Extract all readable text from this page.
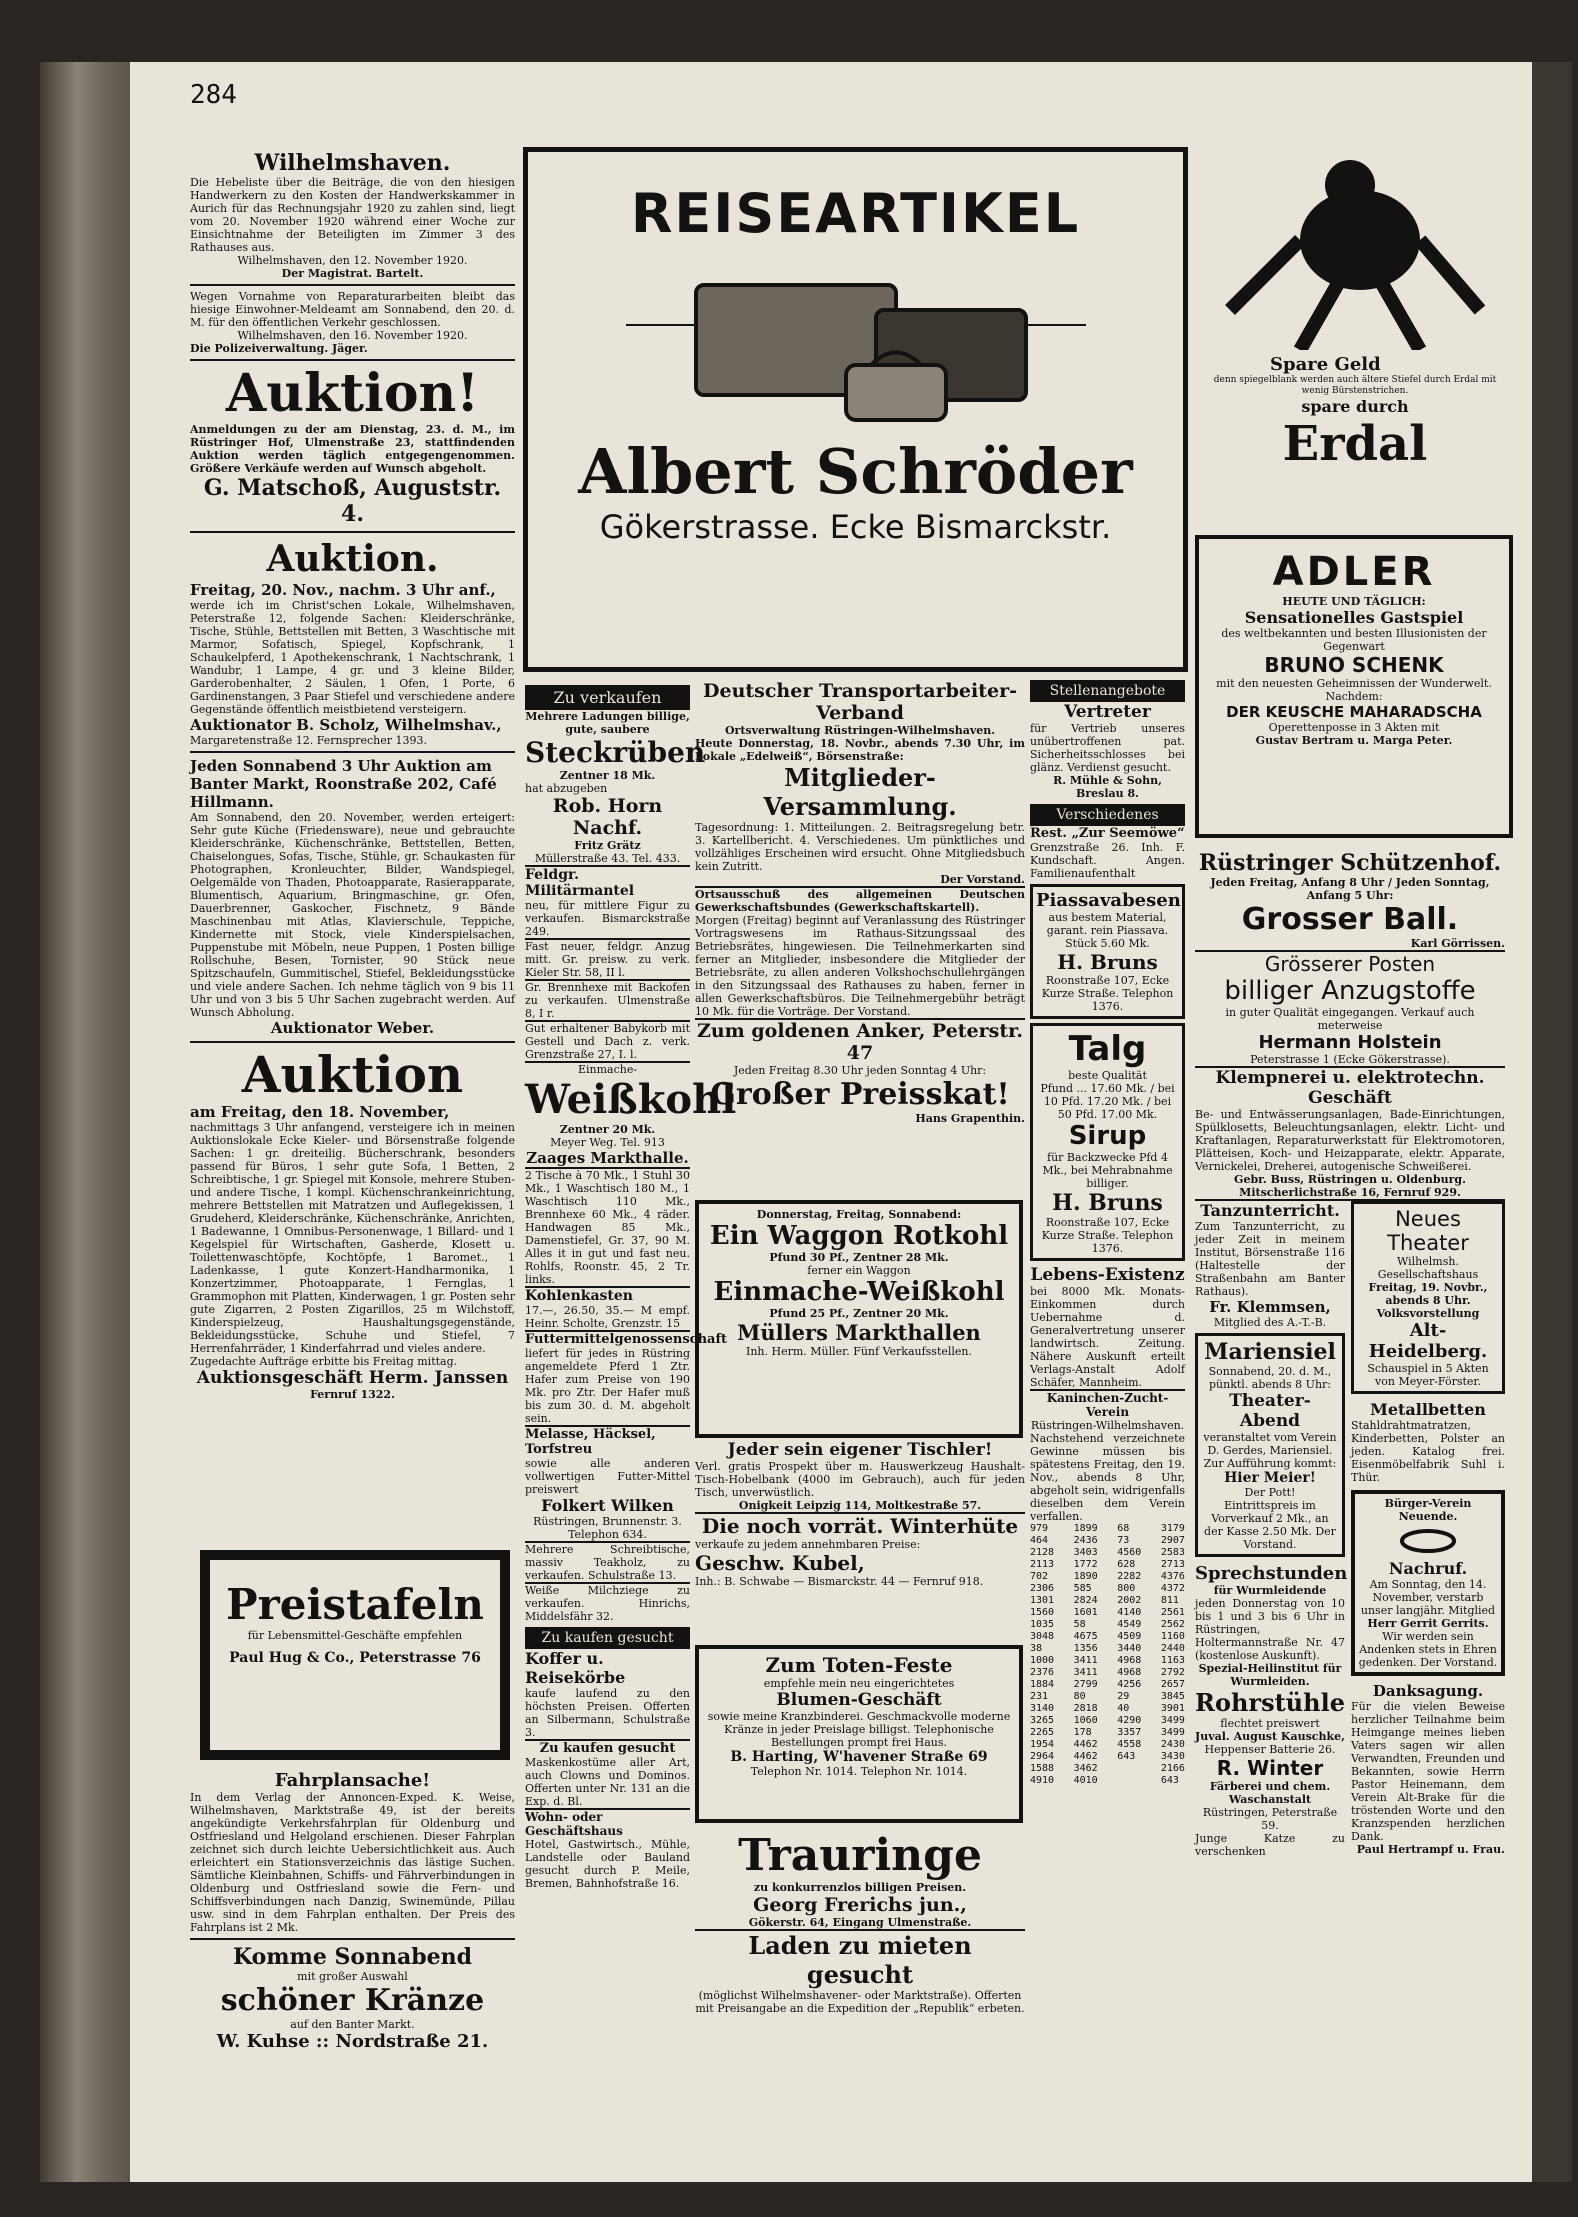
284
Wilhelmshaven.
Die Hebeliste über die Beiträge, die von den hiesigen Handwerkern zu den Kosten der Handwerkskammer in Aurich für das Rechnungsjahr 1920 zu zahlen sind, liegt vom 20. November 1920 während einer Woche zur Einsichtnahme der Beteiligten im Zimmer 3 des Rathauses aus.
Wilhelmshaven, den 12. November 1920.
Der Magistrat. Bartelt.
Wegen Vornahme von Reparaturarbeiten bleibt das hiesige Einwohner-Meldeamt am Sonnabend, den 20. d. M. für den öffentlichen Verkehr geschlossen.
Wilhelmshaven, den 16. November 1920.
Die Polizeiverwaltung. Jäger.
Auktion!
Anmeldungen zu der am Dienstag, 23. d. M., im Rüstringer Hof, Ulmenstraße 23, stattfindenden Auktion werden täglich entgegengenommen. Größere Verkäufe werden auf Wunsch abgeholt.
G. Matschoß, Auguststr. 4.
Auktion.
Freitag, 20. Nov., nachm. 3 Uhr anf.,
werde ich im Christ'schen Lokale, Wilhelmshaven, Peterstraße 12, folgende Sachen: Kleiderschränke, Tische, Stühle, Bettstellen mit Betten, 3 Waschtische mit Marmor, Sofatisch, Spiegel, Kopfschrank, 1 Schaukelpferd, 1 Apothekenschrank, 1 Nachtschrank, 1 Wandubr, 1 Lampe, 4 gr. und 3 kleine Bilder, Garderobenhalter, 2 Säulen, 1 Ofen, 1 Porte, 6 Gardinenstangen, 3 Paar Stiefel und verschiedene andere Gegenstände öffentlich meistbietend versteigern.
Auktionator B. Scholz, Wilhelmshav.,
Margaretenstraße 12. Fernsprecher 1393.
Jeden Sonnabend 3 Uhr Auktion am Banter Markt, Roonstraße 202, Café Hillmann.
Am Sonnabend, den 20. November, werden erteigert: Sehr gute Küche (Friedensware), neue und gebrauchte Kleiderschränke, Küchenschränke, Bettstellen, Betten, Chaiselongues, Sofas, Tische, Stühle, gr. Schaukasten für Photographen, Kronleuchter, Bilder, Wandspiegel, Oelgemälde von Thaden, Photoapparate, Rasierapparate, Blumentisch, Aquarium, Bringmaschine, gr. Ofen, Dauerbrenner, Gaskocher, Fischnetz, 9 Bände Maschinenbau mit Atlas, Klavierschule, Teppiche, Kindernette mit Stock, viele Kinderspielsachen, Puppenstube mit Möbeln, neue Puppen, 1 Posten billige Rollschuhe, Besen, Tornister, 90 Stück neue Spitzschaufeln, Gummitischel, Stiefel, Bekleidungsstücke und viele andere Sachen. Ich nehme täglich von 9 bis 11 Uhr und von 3 bis 5 Uhr Sachen zugebracht werden. Auf Wunsch Abholung.
Auktionator Weber.
Auktion
am Freitag, den 18. November,
nachmittags 3 Uhr anfangend, versteigere ich in meinen Auktionslokale Ecke Kieler- und Börsenstraße folgende Sachen: 1 gr. dreiteilig. Bücherschrank, besonders passend für Büros, 1 sehr gute Sofa, 1 Betten, 2 Schreibtische, 1 gr. Spiegel mit Konsole, mehrere Stuben- und andere Tische, 1 kompl. Küchenschrankeinrichtung, mehrere Bettstellen mit Matratzen und Auflegekissen, 1 Grudeherd, Kleiderschränke, Küchenschränke, Anrichten, 1 Badewanne, 1 Omnibus-Personenwage, 1 Billard- und 1 Kegelspiel für Wirtschaften, Gasherde, Klosett u. Toilettenwaschtöpfe, Kochtöpfe, 1 Baromet., 1 Ladenkasse, 1 gute Konzert-Handharmonika, 1 Konzertzimmer, Photoapparate, 1 Fernglas, 1 Grammophon mit Platten, Kinderwagen, 1 gr. Posten sehr gute Zigarren, 2 Posten Zigarillos, 25 m Wilchstoff, Kinderspielzeug, Haushaltungsgegenstände, Bekleidungsstücke, Schuhe und Stiefel, 7 Herrenfahrräder, 1 Kinderfahrrad und vieles andere.
Zugedachte Aufträge erbitte bis Freitag mittag.
Auktionsgeschäft Herm. Janssen
Fernruf 1322.
Preistafeln
für Lebensmittel-Geschäfte empfehlen
Paul Hug & Co., Peterstrasse 76
Fahrplansache!
In dem Verlag der Annoncen-Exped. K. Weise, Wilhelmshaven, Marktstraße 49, ist der bereits angekündigte Verkehrsfahrplan für Oldenburg und Ostfriesland und Helgoland erschienen. Dieser Fahrplan zeichnet sich durch leichte Uebersichtlichkeit aus. Auch erleichtert ein Stationsverzeichnis das lästige Suchen. Sämtliche Kleinbahnen, Schiffs- und Fährverbindungen in Oldenburg und Ostfriesland sowie die Fern- und Schiffsverbindungen nach Danzig, Swinemünde, Pillau usw. sind in dem Fahrplan enthalten. Der Preis des Fahrplans ist 2 Mk.
Komme Sonnabend
mit großer Auswahl
schöner Kränze
auf den Banter Markt.
W. Kuhse :: Nordstraße 21.
REISEARTIKEL
Albert Schröder
Gökerstrasse. Ecke Bismarckstr.
Spare Geld
denn spiegelblank werden auch ältere Stiefel durch Erdal mit wenig Bürstenstrichen.
spare durch
Erdal
ADLER
HEUTE UND TÄGLICH:
Sensationelles Gastspiel
des weltbekannten und besten Illusionisten der Gegenwart
BRUNO SCHENK
mit den neuesten Geheimnissen der Wunderwelt. Nachdem:
DER KEUSCHE MAHARADSCHA
Operettenposse in 3 Akten mit
Gustav Bertram u. Marga Peter.
Zu verkaufen
Mehrere Ladungen billige, gute, saubere
Steckrüben
Zentner 18 Mk.
hat abzugeben
Rob. Horn Nachf.
Fritz Grätz
Müllerstraße 43. Tel. 433.
Feldgr. Militärmantel
neu, für mittlere Figur zu verkaufen. Bismarckstraße 249.
Fast neuer, feldgr. Anzug mitt. Gr. preisw. zu verk. Kieler Str. 58, II l.
Gr. Brennhexe mit Backofen zu verkaufen. Ulmenstraße 8, I r.
Gut erhaltener Babykorb mit Gestell und Dach z. verk. Grenzstraße 27, I. l.
Einmache-
Weißkohl
Zentner 20 Mk.
Meyer Weg. Tel. 913
Zaages Markthalle.
2 Tische à 70 Mk., 1 Stuhl 30 Mk., 1 Waschtisch 180 M., 1 Waschtisch 110 Mk., Brennhexe 60 Mk., 4 räder. Handwagen 85 Mk., Damenstiefel, Gr. 37, 90 M. Alles it in gut und fast neu. Rohlfs, Roonstr. 45, 2 Tr. links.
Kohlenkasten
17.—, 26.50, 35.— M empf. Heinr. Scholte, Grenzstr. 15
Futtermittelgenossenschaft
liefert für jedes in Rüstring angemeldete Pferd 1 Ztr. Hafer zum Preise von 190 Mk. pro Ztr. Der Hafer muß bis zum 30. d. M. abgeholt sein.
Melasse, Häcksel, Torfstreu
sowie alle anderen vollwertigen Futter-Mittel preiswert
Folkert Wilken
Rüstringen, Brunnenstr. 3. Telephon 634.
Mehrere Schreibtische, massiv Teakholz, zu verkaufen. Schulstraße 13.
Weiße Milchziege zu verkaufen. Hinrichs, Middelsfähr 32.
Zu kaufen gesucht
Koffer u. Reisekörbe
kaufe laufend zu den höchsten Preisen. Offerten an Silbermann, Schulstraße 3.
Zu kaufen gesucht
Maskenkostüme aller Art, auch Clowns und Dominos. Offerten unter Nr. 131 an die Exp. d. Bl.
Wohn- oder Geschäftshaus
Hotel, Gastwirtsch., Mühle, Landstelle oder Bauland gesucht durch P. Meile, Bremen, Bahnhofstraße 16.
Deutscher Transportarbeiter-Verband
Ortsverwaltung Rüstringen-Wilhelmshaven.
Heute Donnerstag, 18. Novbr., abends 7.30 Uhr, im Lokale „Edelweiß“, Börsenstraße:
Mitglieder-Versammlung.
Tagesordnung: 1. Mitteilungen. 2. Beitragsregelung betr. 3. Kartellbericht. 4. Verschiedenes. Um pünktliches und vollzähliges Erscheinen wird ersucht. Ohne Mitgliedsbuch kein Zutritt.
Der Vorstand.
Ortsausschuß des allgemeinen Deutschen Gewerkschaftsbundes (Gewerkschaftskartell).
Morgen (Freitag) beginnt auf Veranlassung des Rüstringer Vortragswesens im Rathaus-Sitzungssaal des Betriebsrätes, hingewiesen. Die Teilnehmerkarten sind ferner an Mitglieder, insbesondere die Mitglieder der Betriebsräte, zu allen anderen Volkshochschullehrgängen in den Sitzungssaal des Rathauses zu haben, ferner in allen Gewerkschaftsbüros. Die Teilnehmergebühr beträgt 10 Mk. für die Vorträge. Der Vorstand.
Zum goldenen Anker, Peterstr. 47
Jeden Freitag 8.30 Uhr jeden Sonntag 4 Uhr:
Großer Preisskat!
Hans Grapenthin.
Donnerstag, Freitag, Sonnabend:
Ein Waggon Rotkohl
Pfund 30 Pf., Zentner 28 Mk.
ferner ein Waggon
Einmache-Weißkohl
Pfund 25 Pf., Zentner 20 Mk.
Müllers Markthallen
Inh. Herm. Müller. Fünf Verkaufsstellen.
Jeder sein eigener Tischler!
Verl. gratis Prospekt über m. Hauswerkzeug Haushalt-Tisch-Hobelbank (4000 im Gebrauch), auch für jeden Tisch, unverwüstlich.
Onigkeit Leipzig 114, Moltkestraße 57.
Die noch vorrät. Winterhüte
verkaufe zu jedem annehmbaren Preise:
Geschw. Kubel,
Inh.: B. Schwabe — Bismarckstr. 44 — Fernruf 918.
Zum Toten-Feste
empfehle mein neu eingerichtetes
Blumen-Geschäft
sowie meine Kranzbinderei. Geschmackvolle moderne Kränze in jeder Preislage billigst. Telephonische Bestellungen prompt frei Haus.
B. Harting, W'havener Straße 69
Telephon Nr. 1014. Telephon Nr. 1014.
Trauringe
zu konkurrenzlos billigen Preisen.
Georg Frerichs jun.,
Gökerstr. 64, Eingang Ulmenstraße.
Laden zu mieten gesucht
(möglichst Wilhelmshavener- oder Marktstraße). Offerten mit Preisangabe an die Expedition der „Republik“ erbeten.
Stellenangebote
Vertreter
für Vertrieb unseres unübertroffenen pat. Sicherheitsschlosses bei glänz. Verdienst gesucht.
R. Mühle & Sohn, Breslau 8.
Verschiedenes
Rest. „Zur Seemöwe“
Grenzstraße 26. Inh. F. Kundschaft. Angen. Familienaufenthalt
Piassavabesen
aus bestem Material, garant. rein Piassava. Stück 5.60 Mk.
H. Bruns
Roonstraße 107, Ecke Kurze Straße. Telephon 1376.
Talg
beste Qualität
Pfund ... 17.60 Mk. / bei 10 Pfd. 17.20 Mk. / bei 50 Pfd. 17.00 Mk.
Sirup
für Backzwecke Pfd 4 Mk., bei Mehrabnahme billiger.
H. Bruns
Roonstraße 107, Ecke Kurze Straße. Telephon 1376.
Lebens-Existenz
bei 8000 Mk. Monats-Einkommen durch Uebernahme d. Generalvertretung unserer landwirtsch. Zeitung. Nähere Auskunft erteilt Verlags-Anstalt Adolf Schäfer, Mannheim.
Kaninchen-Zucht-Verein
Rüstringen-Wilhelmshaven.
Nachstehend verzeichnete Gewinne müssen bis spätestens Freitag, den 19. Nov., abends 8 Uhr, abgeholt sein, widrigenfalls dieselben dem Verein verfallen.
979
464
2128
2113
702
2306
1301
1560
1035
3048
38
1000
2376
1884
231
3140
3265
2265
1954
2964
1588
4910
1899
2436
3403
1772
1890
585
2824
1601
58
4675
1356
3411
3411
2799
80
2818
1060
178
4462
4462
3462
4010
68
73
4560
628
2282
800
2002
4140
4549
4509
3440
4968
4968
4256
29
40
4290
3357
4558
643
3179
2907
2583
2713
4376
4372
811
2561
2562
1160
2440
1163
2792
2657
3845
3901
3499
3499
2430
3430
2166
643
Rüstringer Schützenhof.
Jeden Freitag, Anfang 8 Uhr / Jeden Sonntag, Anfang 5 Uhr:
Grosser Ball.
Karl Görrissen.
Grösserer Posten
billiger Anzugstoffe
in guter Qualität eingegangen. Verkauf auch meterweise
Hermann Holstein
Peterstrasse 1 (Ecke Gökerstrasse).
Klempnerei u. elektrotechn. Geschäft
Be- und Entwässerungsanlagen, Bade-Einrichtungen, Spülklosetts, Beleuchtungsanlagen, elektr. Licht- und Kraftanlagen, Reparaturwerkstatt für Elektromotoren, Plätteisen, Koch- und Heizapparate, elektr. Apparate, Vernickelei, Dreherei, autogenische Schweißerei.
Gebr. Buss, Rüstringen u. Oldenburg. Mitscherlichstraße 16, Fernruf 929.
Tanzunterricht.
Zum Tanzunterricht, zu jeder Zeit in meinem Institut, Börsenstraße 116 (Haltestelle der Straßenbahn am Banter Rathaus).
Fr. Klemmsen,
Mitglied des A.-T.-B.
Mariensiel
Sonnabend, 20. d. M., pünktl. abends 8 Uhr:
Theater-Abend
veranstaltet vom Verein D. Gerdes, Mariensiel. Zur Aufführung kommt:
Hier Meier!
Der Pott!
Eintrittspreis im Vorverkauf 2 Mk., an der Kasse 2.50 Mk. Der Vorstand.
Sprechstunden
für Wurmleidende
jeden Donnerstag von 10 bis 1 und 3 bis 6 Uhr in Rüstringen, Holtermannstraße Nr. 47 (kostenlose Auskunft).
Spezial-Heilinstitut für Wurmleiden.
Rohrstühle
flechtet preiswert
Juval. August Kauschke,
Heppenser Batterie 26.
R. Winter
Färberei und chem. Waschanstalt
Rüstringen, Peterstraße 59.
Junge Katze zu verschenken
Neues Theater
Wilhelmsh. Gesellschaftshaus
Freitag, 19. Novbr., abends 8 Uhr.
Volksvorstellung
Alt-Heidelberg.
Schauspiel in 5 Akten von Meyer-Förster.
Metallbetten
Stahldrahtmatratzen, Kinderbetten, Polster an jeden. Katalog frei. Eisenmöbelfabrik Suhl i. Thür.
Bürger-Verein Neuende.
Nachruf.
Am Sonntag, den 14. November, verstarb unser langjähr. Mitglied
Herr Gerrit Gerrits.
Wir werden sein Andenken stets in Ehren gedenken. Der Vorstand.
Danksagung.
Für die vielen Beweise herzlicher Teilnahme beim Heimgange meines lieben Vaters sagen wir allen Verwandten, Freunden und Bekannten, sowie Herrn Pastor Heinemann, dem Verein Alt-Brake für die tröstenden Worte und den Kranzspenden herzlichen Dank.
Paul Hertrampf u. Frau.
